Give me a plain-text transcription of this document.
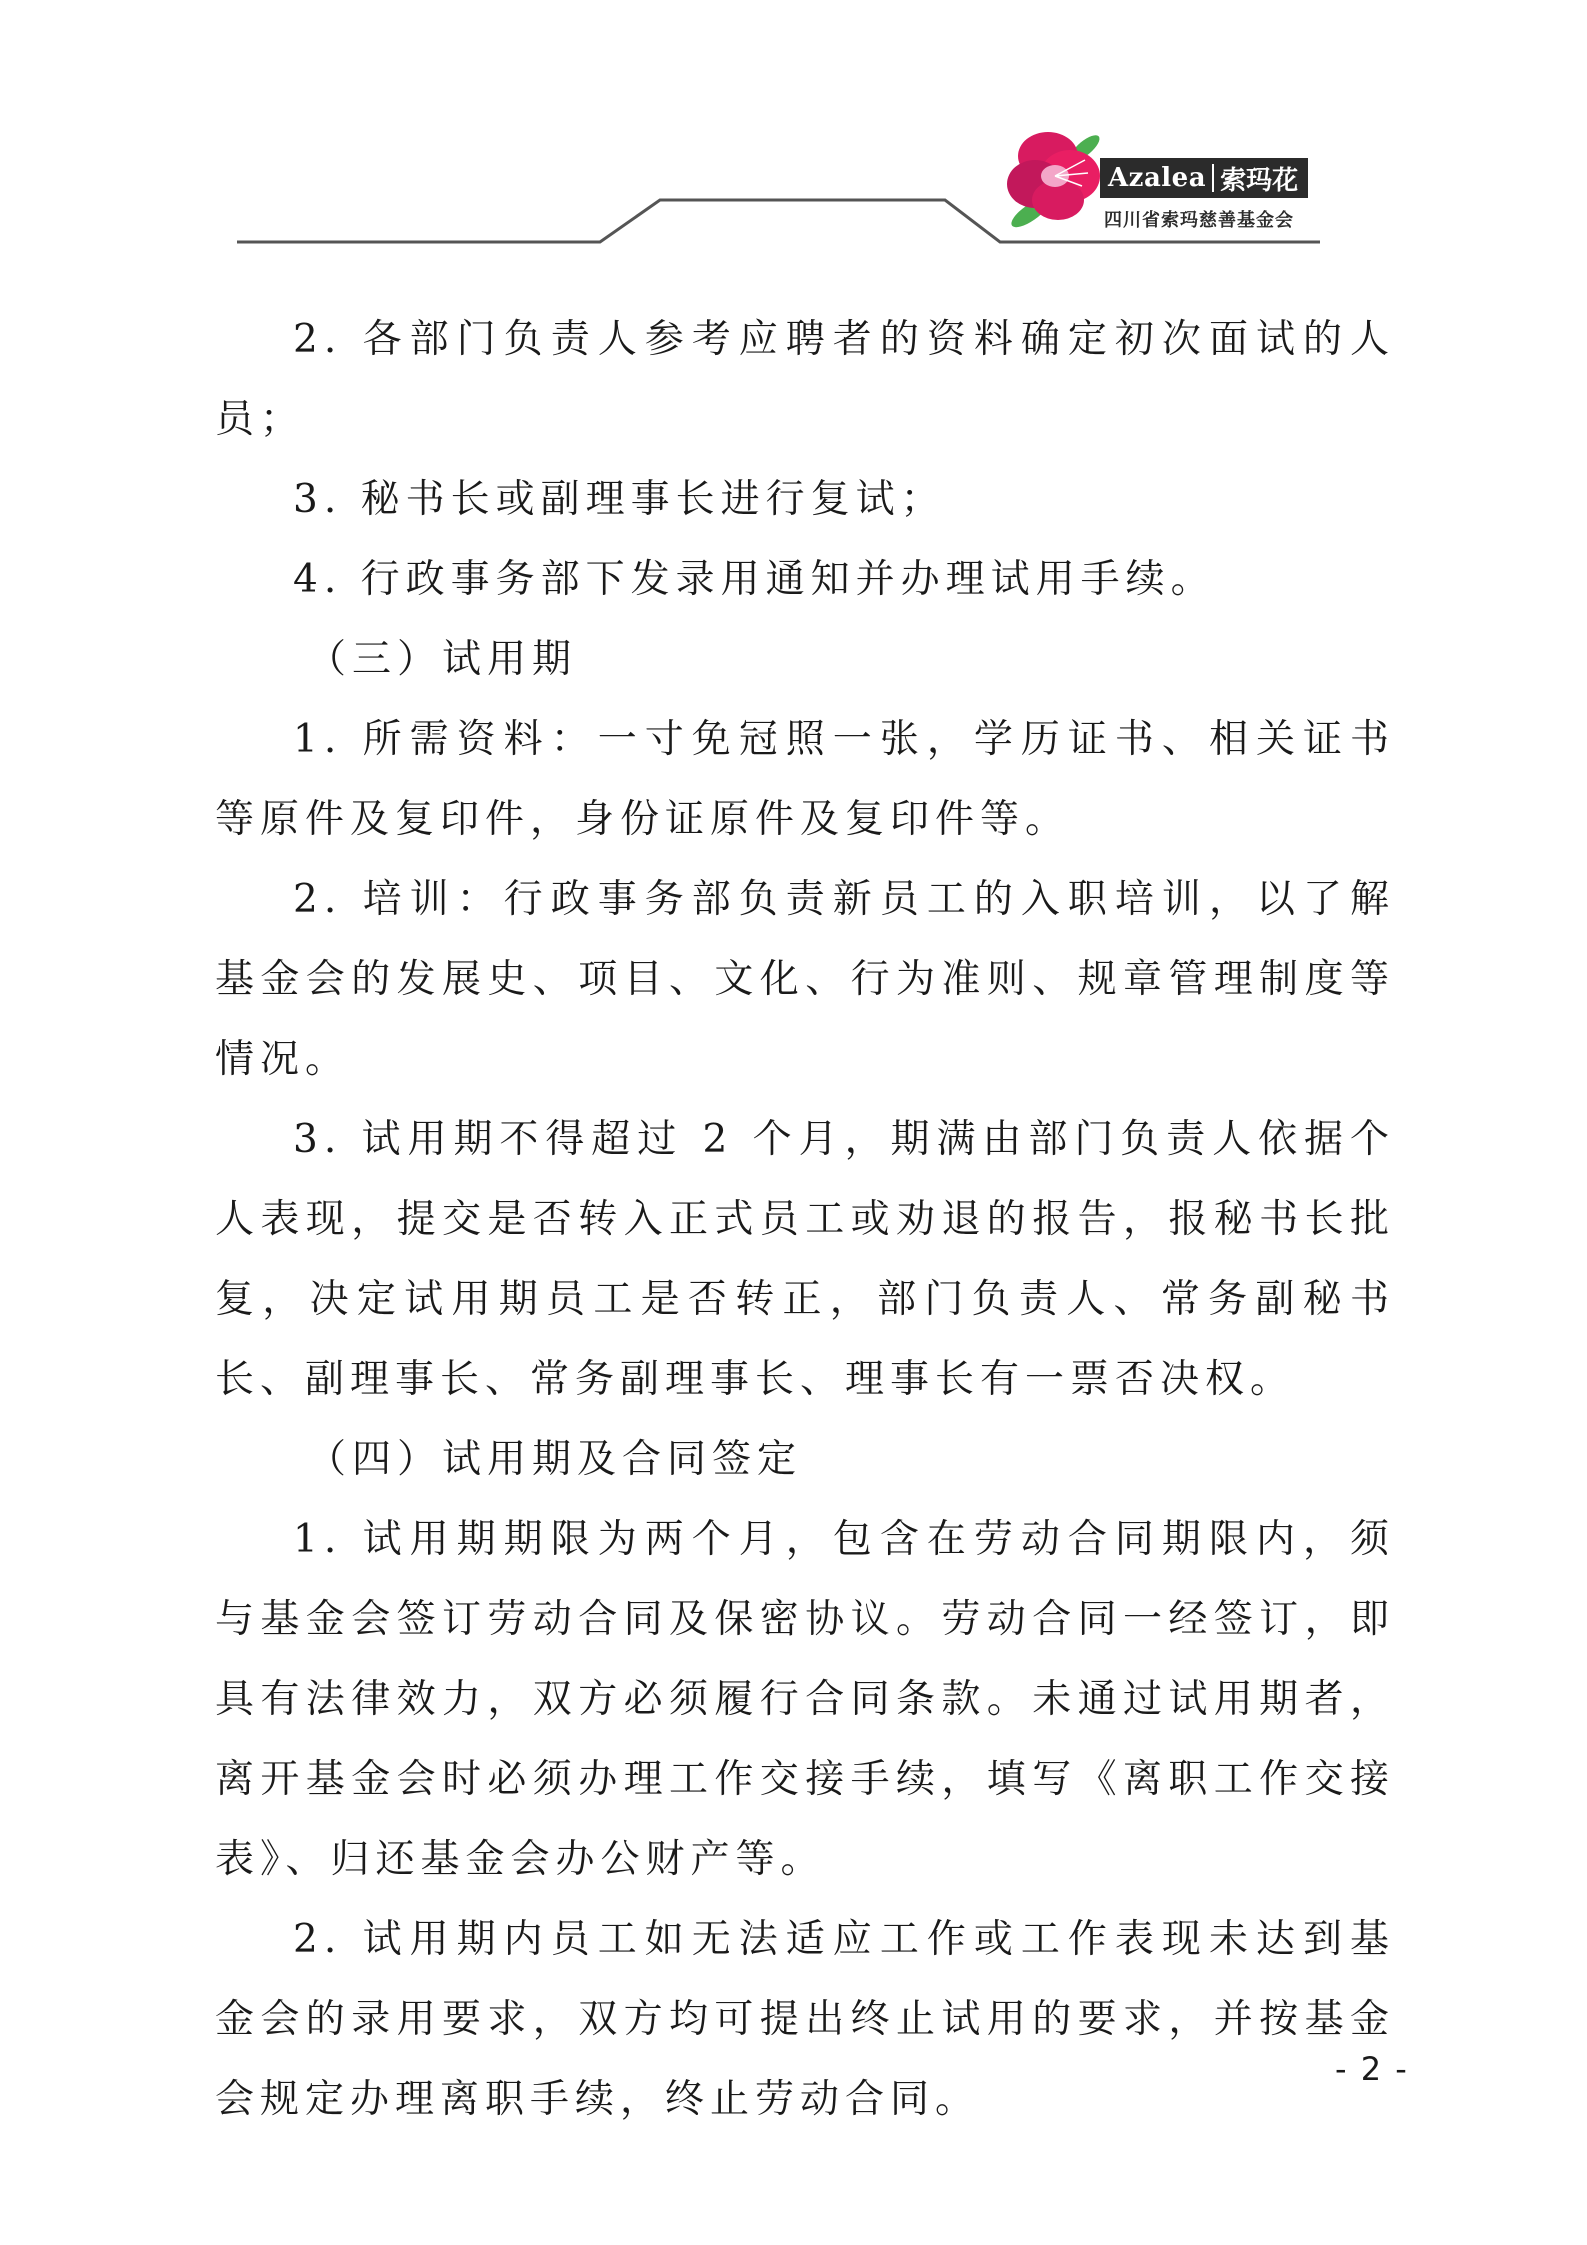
Azalea 索玛花
四川省索玛慈善基金会

2. 各部门负责人参考应聘者的资料确定初次面试的人员；

3. 秘书长或副理事长进行复试；

4. 行政事务部下发录用通知并办理试用手续。

（三）试用期

1. 所需资料：一寸免冠照一张，学历证书、相关证书等原件及复印件，身份证原件及复印件等。

2. 培训：行政事务部负责新员工的入职培训，以了解基金会的发展史、项目、文化、行为准则、规章管理制度等情况。

3. 试用期不得超过 2 个月，期满由部门负责人依据个人表现，提交是否转入正式员工或劝退的报告，报秘书长批复，决定试用期员工是否转正，部门负责人、常务副秘书长、副理事长、常务副理事长、理事长有一票否决权。

（四）试用期及合同签定

1. 试用期期限为两个月，包含在劳动合同期限内，须与基金会签订劳动合同及保密协议。劳动合同一经签订，即具有法律效力，双方必须履行合同条款。未通过试用期者，离开基金会时必须办理工作交接手续，填写《离职工作交接表》、归还基金会办公财产等。

2. 试用期内员工如无法适应工作或工作表现未达到基金会的录用要求，双方均可提出终止试用的要求，并按基金会规定办理离职手续，终止劳动合同。

- 2 -
